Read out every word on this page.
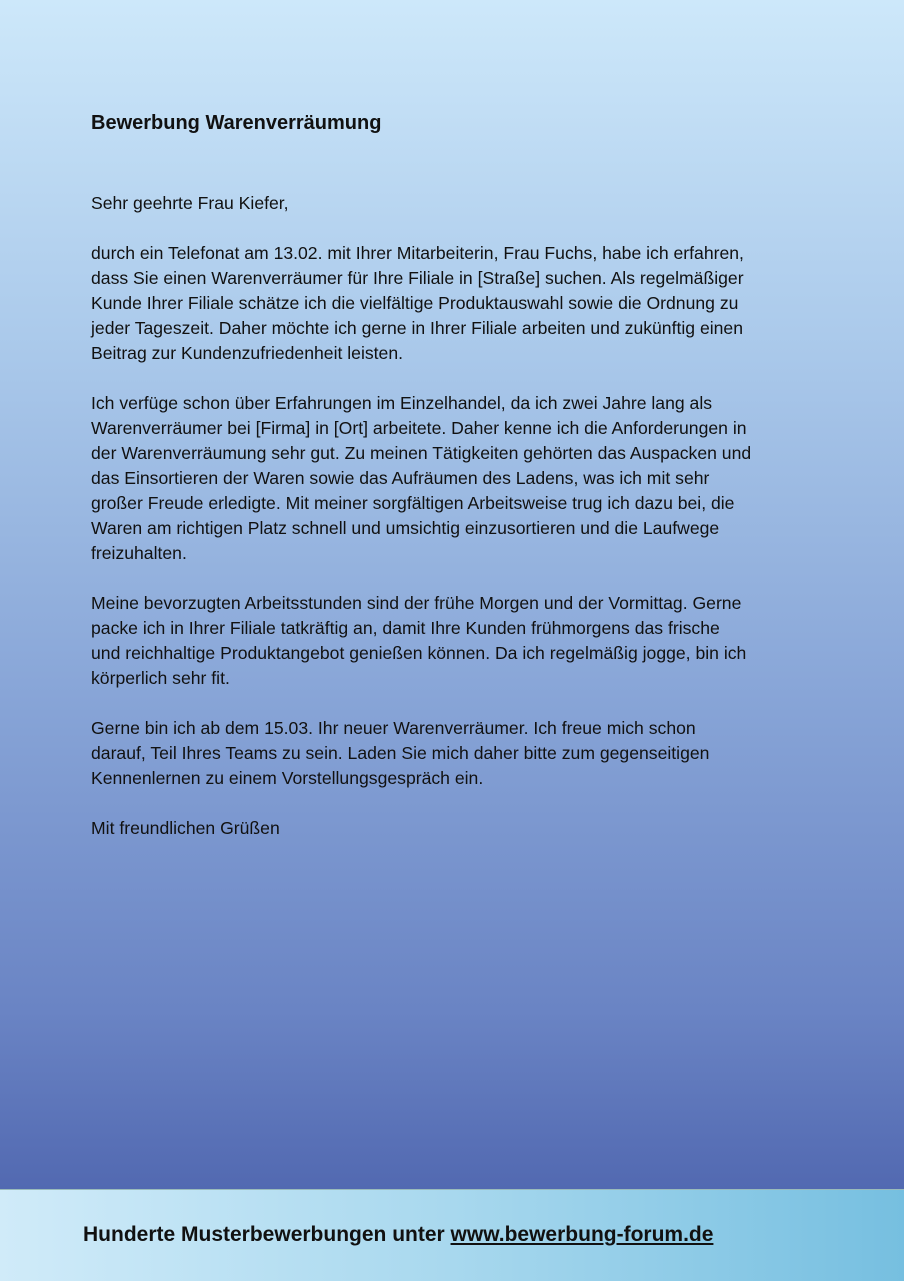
Bewerbung Warenverräumung
Sehr geehrte Frau Kiefer,
durch ein Telefonat am 13.02. mit Ihrer Mitarbeiterin, Frau Fuchs, habe ich erfahren,
dass Sie einen Warenverräumer für Ihre Filiale in [Straße] suchen. Als regelmäßiger
Kunde Ihrer Filiale schätze ich die vielfältige Produktauswahl sowie die Ordnung zu
jeder Tageszeit. Daher möchte ich gerne in Ihrer Filiale arbeiten und zukünftig einen
Beitrag zur Kundenzufriedenheit leisten.
Ich verfüge schon über Erfahrungen im Einzelhandel, da ich zwei Jahre lang als
Warenverräumer bei [Firma] in [Ort] arbeitete. Daher kenne ich die Anforderungen in
der Warenverräumung sehr gut. Zu meinen Tätigkeiten gehörten das Auspacken und
das Einsortieren der Waren sowie das Aufräumen des Ladens, was ich mit sehr
großer Freude erledigte. Mit meiner sorgfältigen Arbeitsweise trug ich dazu bei, die
Waren am richtigen Platz schnell und umsichtig einzusortieren und die Laufwege
freizuhalten.
Meine bevorzugten Arbeitsstunden sind der frühe Morgen und der Vormittag. Gerne
packe ich in Ihrer Filiale tatkräftig an, damit Ihre Kunden frühmorgens das frische
und reichhaltige Produktangebot genießen können. Da ich regelmäßig jogge, bin ich
körperlich sehr fit.
Gerne bin ich ab dem 15.03. Ihr neuer Warenverräumer. Ich freue mich schon
darauf, Teil Ihres Teams zu sein. Laden Sie mich daher bitte zum gegenseitigen
Kennenlernen zu einem Vorstellungsgespräch ein.
Mit freundlichen Grüßen
Hunderte Musterbewerbungen unter www.bewerbung-forum.de
